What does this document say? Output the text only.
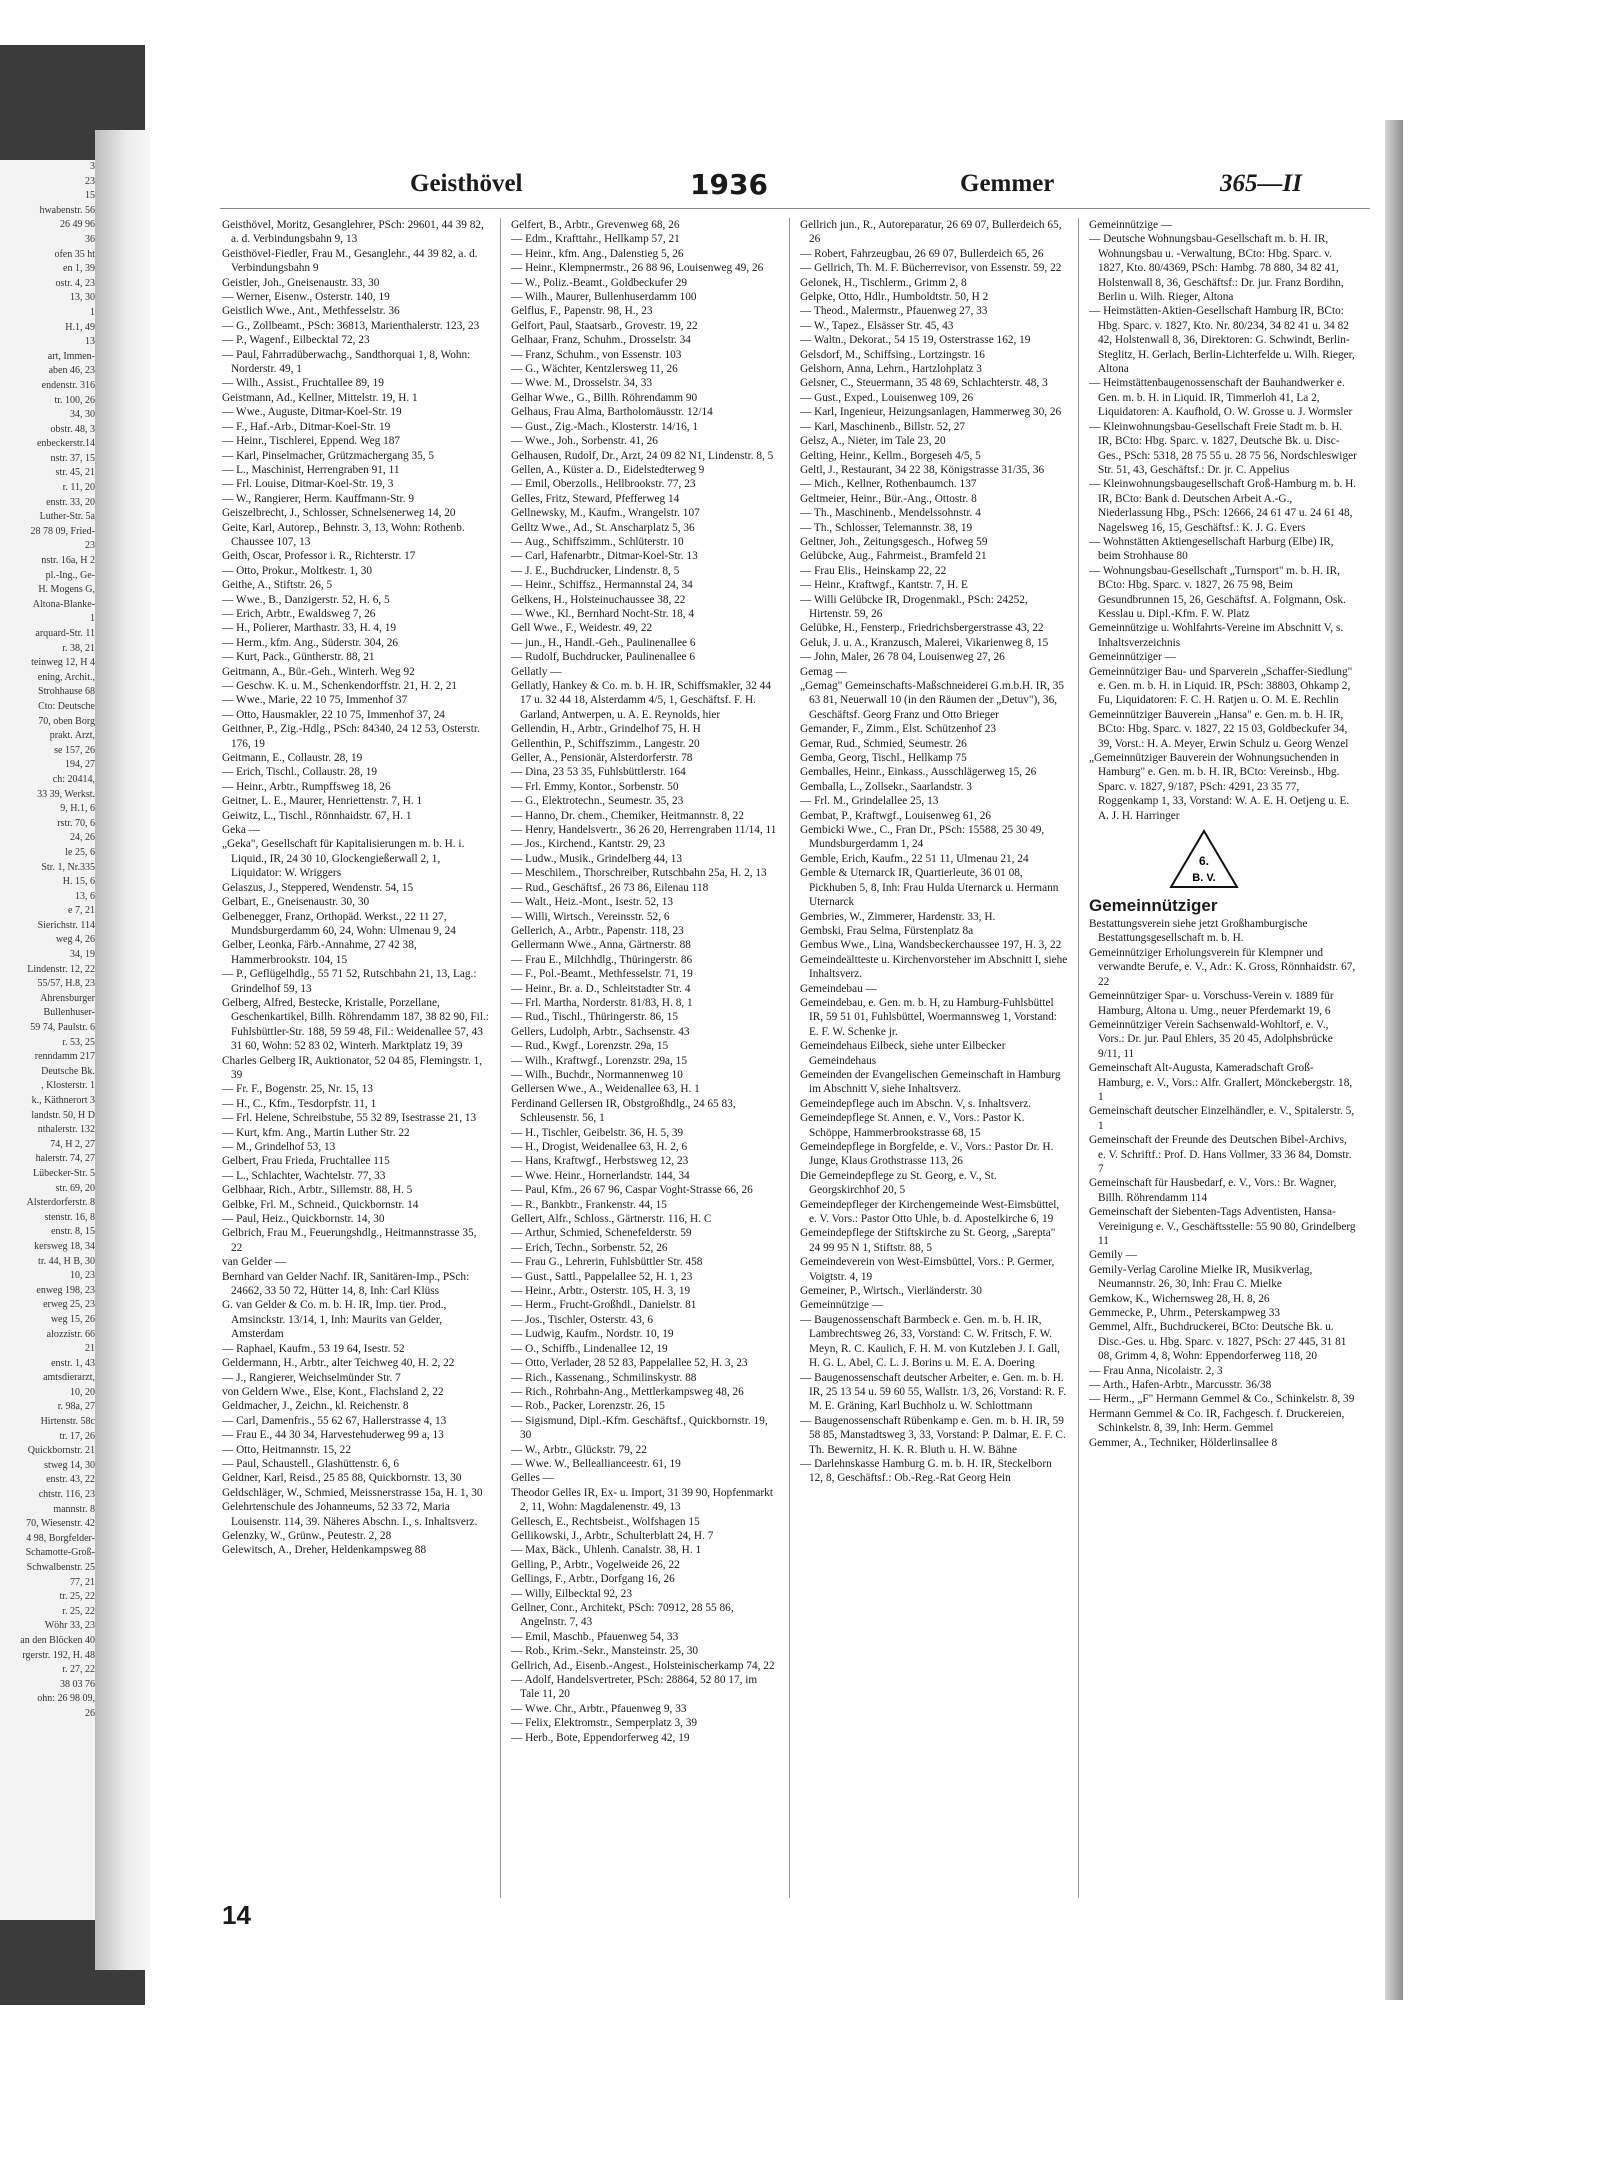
3
23
15
hwabenstr. 56
26 49 96
36
ofen 35 ht
en 1, 39
ostr. 4, 23
13, 30
1
H.1, 49
13
art, Immen-
aben 46, 23
endenstr. 316
tr. 100, 26
34, 30
obstr. 48, 3
enbeckerstr.14
nstr. 37, 15
str. 45, 21
r. 11, 20
enstr. 33, 20
Luther-Str. 5a
28 78 09, Fried-
23
nstr. 16a, H 2
pl.-Ing., Ge-
H. Mogens G,
Altona-Blanke-
1
arquard-Str. 11
r. 38, 21
teinweg 12, H 4
ening, Archit.,
Strohhause 68
Cto: Deutsche
70, oben Borg
prakt. Arzt,
se 157, 26
194, 27
ch: 20414,
33 39, Werkst.
9, H.1, 6
rstr. 70, 6
24, 26
le 25, 6
Str. 1, Nr.335
H. 15, 6
13, 6
e 7, 21
Sierichstr. 114
weg 4, 26
34, 19
Lindenstr. 12, 22
55/57, H.8, 23
Ahrensburger
Bullenhuser-
59 74, Paulstr. 6
r. 53, 25
renndamm 217
Deutsche Bk.
, Klosterstr. 1
k., Käthnerort 3
landstr. 50, H D
nthalerstr. 132
74, H 2, 27
halerstr. 74, 27
Lübecker-Str. 5
str. 69, 20
Alsterdorferstr. 8
stenstr. 16, 8
enstr. 8, 15
kersweg 18, 34
tr. 44, H B, 30
10, 23
enweg 198, 23
erweg 25, 23
weg 15, 26
alozzistr. 66
21
enstr. 1, 43
amtsdierarzt,
10, 20
r. 98a, 27
Hirtenstr. 58c
tr. 17, 26
Quickbornstr. 21
stweg 14, 30
enstr. 43, 22
chtstr. 116, 23
mannstr. 8
70, Wiesenstr. 42
4 98, Borgfelder-
Schamotte-Groß-
Schwalbenstr. 25
77, 21
tr. 25, 22
r. 25, 22
Wöhr 33, 23
an den Blöcken 40
rgerstr. 192, H. 48
r. 27, 22
38 03 76
ohn: 26 98 09,
26
Geisthövel	1936	Gemmer	365—II
Geisthövel, Moritz, Gesanglehrer, PSch: 29601, 44 39 82, a. d. Verbindungsbahn 9, 13
Geisthövel-Fiedler, Frau M., Gesanglehr., 44 39 82, a. d. Verbindungsbahn 9
Geistler, Joh., Gneisenaustr. 33, 30
— Werner, Eisenw., Osterstr. 140, 19
Geistlich Wwe., Ant., Methfesselstr. 36
— G., Zollbeamt., PSch: 36813, Marienthalerstr. 123, 23
— P., Wagenf., Eilbecktal 72, 23
— Paul, Fahrradüberwachg., Sandthorquai 1, 8, Wohn: Norderstr. 49, 1
— Wilh., Assist., Fruchtallee 89, 19
Geistmann, Ad., Kellner, Mittelstr. 19, H. 1
— Wwe., Auguste, Ditmar-Koel-Str. 19
— F., Haf.-Arb., Ditmar-Koel-Str. 19
— Heinr., Tischlerei, Eppend. Weg 187
— Karl, Pinselmacher, Grützmachergang 35, 5
— L., Maschinist, Herrengraben 91, 11
— Frl. Louise, Ditmar-Koel-Str. 19, 3
— W., Rangierer, Herm. Kauffmann-Str. 9
Geiszelbrecht, J., Schlosser, Schnelsenerweg 14, 20
Geite, Karl, Autorep., Behnstr. 3, 13, Wohn: Rothenb. Chaussee 107, 13
Geith, Oscar, Professor i. R., Richterstr. 17
— Otto, Prokur., Moltkestr. 1, 30
Geithe, A., Stiftstr. 26, 5
— Wwe., B., Danzigerstr. 52, H. 6, 5
— Erich, Arbtr., Ewaldsweg 7, 26
— H., Polierer, Marthastr. 33, H. 4, 19
— Herm., kfm. Ang., Süderstr. 304, 26
— Kurt, Pack., Güntherstr. 88, 21
Geitmann, A., Bür.-Geh., Winterh. Weg 92
— Geschw. K. u. M., Schenkendorffstr. 21, H. 2, 21
— Wwe., Marie, 22 10 75, Immenhof 37
— Otto, Hausmakler, 22 10 75, Immenhof 37, 24
Geithner, P., Zig.-Hdlg., PSch: 84340, 24 12 53, Osterstr. 176, 19
Geitmann, E., Collaustr. 28, 19
— Erich, Tischl., Collaustr. 28, 19
— Heinr., Arbtr., Rumpffsweg 18, 26
Geitner, L. E., Maurer, Henriettenstr. 7, H. 1
Geiwitz, L., Tischl., Rönnhaidstr. 67, H. 1
Geka —
„Geka", Gesellschaft für Kapitalisierungen m. b. H. i. Liquid., IR, 24 30 10, Glockengießerwall 2, 1, Liquidator: W. Wriggers
Gelaszus, J., Steppered, Wendenstr. 54, 15
Gelbart, E., Gneisenaustr. 30, 30
Gelbenegger, Franz, Orthopäd. Werkst., 22 11 27, Mundsburgerdamm 60, 24, Wohn: Ulmenau 9, 24
Gelber, Leonka, Färb.-Annahme, 27 42 38, Hammerbrookstr. 104, 15
— P., Geflügelhdlg., 55 71 52, Rutschbahn 21, 13, Lag.: Grindelhof 59, 13
Gelberg, Alfred, Bestecke, Kristalle, Porzellane, Geschenkartikel, Billh. Röhrendamm 187, 38 82 90, Fil.: Fuhlsbüttler-Str. 188, 59 59 48, Fil.: Weidenallee 57, 43 31 60, Wohn: 52 83 02, Winterh. Marktplatz 19, 39
Charles Gelberg IR, Auktionator, 52 04 85, Flemingstr. 1, 39
— Fr. F., Bogenstr. 25, Nr. 15, 13
— H., C., Kfm., Tesdorpfstr. 11, 1
— Frl. Helene, Schreibstube, 55 32 89, Isestrasse 21, 13
— Kurt, kfm. Ang., Martin Luther Str. 22
— M., Grindelhof 53, 13
Gelbert, Frau Frieda, Fruchtallee 115
— L., Schlachter, Wachtelstr. 77, 33
Gelbhaar, Rich., Arbtr., Sillemstr. 88, H. 5
Gelbke, Frl. M., Schneid., Quickbornstr. 14
— Paul, Heiz., Quickbornstr. 14, 30
Gelbrich, Frau M., Feuerungshdlg., Heitmannstrasse 35, 22
van Gelder —
Bernhard van Gelder Nachf. IR, Sanitären-Imp., PSch: 24662, 33 50 72, Hütter 14, 8, Inh: Carl Klüss
G. van Gelder & Co. m. b. H. IR, Imp. tier. Prod., Amsinckstr. 13/14, 1, Inh: Maurits van Gelder, Amsterdam
— Raphael, Kaufm., 53 19 64, Isestr. 52
Geldermann, H., Arbtr., alter Teichweg 40, H. 2, 22
— J., Rangierer, Weichselmünder Str. 7
von Geldern Wwe., Else, Kont., Flachsland 2, 22
Geldmacher, J., Zeichn., kl. Reichenstr. 8
— Carl, Damenfris., 55 62 67, Hallerstrasse 4, 13
— Frau E., 44 30 34, Harvestehuderweg 99 a, 13
— Otto, Heitmannstr. 15, 22
— Paul, Schaustell., Glashüttenstr. 6, 6
Geldner, Karl, Reisd., 25 85 88, Quickbornstr. 13, 30
Geldschläger, W., Schmied, Meissnerstrasse 15a, H. 1, 30
Gelehrtenschule des Johanneums, 52 33 72, Maria Louisenstr. 114, 39. Näheres Abschn. I., s. Inhaltsverz.
Gelenzky, W., Grünw., Peutestr. 2, 28
Gelewitsch, A., Dreher, Heldenkampsweg 88
Gelfert, B., Arbtr., Grevenweg 68, 26
— Edm., Krafttahr., Hellkamp 57, 21
— Heinr., kfm. Ang., Dalenstieg 5, 26
— Heinr., Klempnermstr., 26 88 96, Louisenweg 49, 26
— W., Poliz.-Beamt., Goldbeckufer 29
— Wilh., Maurer, Bullenhuserdamm 100
Gelflus, F., Papenstr. 98, H., 23
Gelfort, Paul, Staatsarb., Grovestr. 19, 22
Gelhaar, Franz, Schuhm., Drosselstr. 34
— Franz, Schuhm., von Essenstr. 103
— G., Wächter, Kentzlersweg 11, 26
— Wwe. M., Drosselstr. 34, 33
Gelhar Wwe., G., Billh. Röhrendamm 90
Gelhaus, Frau Alma, Bartholomäusstr. 12/14
— Gust., Zig.-Mach., Klosterstr. 14/16, 1
— Wwe., Joh., Sorbenstr. 41, 26
Gelhausen, Rudolf, Dr., Arzt, 24 09 82 N1, Lindenstr. 8, 5
Gellen, A., Küster a. D., Eidelstedterweg 9
— Emil, Oberzolls., Hellbrookstr. 77, 23
Gelles, Fritz, Steward, Pfefferweg 14
Gellnewsky, M., Kaufm., Wrangelstr. 107
Gelltz Wwe., Ad., St. Anscharplatz 5, 36
— Aug., Schiffszimm., Schlüterstr. 10
— Carl, Hafenarbtr., Ditmar-Koel-Str. 13
— J. E., Buchdrucker, Lindenstr. 8, 5
— Heinr., Schiffsz., Hermannstal 24, 34
Gelkens, H., Holsteinuchaussee 38, 22
— Wwe., Kl., Bernhard Nocht-Str. 18, 4
Gell Wwe., F., Weidestr. 49, 22
— jun., H., Handl.-Geh., Paulinenallee 6
— Rudolf, Buchdrucker, Paulinenallee 6
Gellatly —
Gellatly, Hankey & Co. m. b. H. IR, Schiffsmakler, 32 44 17 u. 32 44 18, Alsterdamm 4/5, 1, Geschäftsf. F. H. Garland, Antwerpen, u. A. E. Reynolds, hier
Gellendin, H., Arbtr., Grindelhof 75, H. H
Gellenthin, P., Schiffszimm., Langestr. 20
Geller, A., Pensionär, Alsterdorferstr. 78
— Dina, 23 53 35, Fuhlsbüttlerstr. 164
— Frl. Emmy, Kontor., Sorbenstr. 50
— G., Elektrotechn., Seumestr. 35, 23
— Hanno, Dr. chem., Chemiker, Heitmannstr. 8, 22
— Henry, Handelsvertr., 36 26 20, Herrengraben 11/14, 11
— Jos., Kirchend., Kantstr. 29, 23
— Ludw., Musik., Grindelberg 44, 13
— Meschilem., Thorschreiber, Rutschbahn 25a, H. 2, 13
— Rud., Geschäftsf., 26 73 86, Eilenau 118
— Walt., Heiz.-Mont., Isestr. 52, 13
— Willi, Wirtsch., Vereinsstr. 52, 6
Gellerich, A., Arbtr., Papenstr. 118, 23
Gellermann Wwe., Anna, Gärtnerstr. 88
— Frau E., Milchhdlg., Thüringerstr. 86
— F., Pol.-Beamt., Methfesselstr. 71, 19
— Heinr., Br. a. D., Schleitstadter Str. 4
— Frl. Martha, Norderstr. 81/83, H. 8, 1
— Rud., Tischl., Thüringerstr. 86, 15
Gellers, Ludolph, Arbtr., Sachsenstr. 43
— Rud., Kwgf., Lorenzstr. 29a, 15
— Wilh., Kraftwgf., Lorenzstr. 29a, 15
— Wilh., Buchdr., Normannenweg 10
Gellersen Wwe., A., Weidenallee 63, H. 1
Ferdinand Gellersen IR, Obstgroßhdlg., 24 65 83, Schleusenstr. 56, 1
— H., Tischler, Geibelstr. 36, H. 5, 39
— H., Drogist, Weidenallee 63, H. 2, 6
— Hans, Kraftwgf., Herbstsweg 12, 23
— Wwe. Heinr., Hornerlandstr. 144, 34
— Paul, Kfm., 26 67 96, Caspar Voght-Strasse 66, 26
— R., Bankbtr., Frankenstr. 44, 15
Gellert, Alfr., Schloss., Gärtnerstr. 116, H. C
— Arthur, Schmied, Schenefelderstr. 59
— Erich, Techn., Sorbenstr. 52, 26
— Frau G., Lehrerin, Fuhlsbüttler Str. 458
— Gust., Sattl., Pappelallee 52, H. 1, 23
— Heinr., Arbtr., Osterstr. 105, H. 3, 19
— Herm., Frucht-Großhdl., Danielstr. 81
— Jos., Tischler, Osterstr. 43, 6
— Ludwig, Kaufm., Nordstr. 10, 19
— O., Schiffb., Lindenallee 12, 19
— Otto, Verlader, 28 52 83, Pappelallee 52, H. 3, 23
— Rich., Kassenang., Schmilinskystr. 88
— Rich., Rohrbahn-Ang., Mettlerkampsweg 48, 26
— Rob., Packer, Lorenzstr. 26, 15
— Sigismund, Dipl.-Kfm. Geschäftsf., Quickbornstr. 19, 30
— W., Arbtr., Glückstr. 79, 22
— Wwe. W., Belleallianceestr. 61, 19
Gelles —
Theodor Gelles IR, Ex- u. Import, 31 39 90, Hopfenmarkt 2, 11, Wohn: Magdalenenstr. 49, 13
Gellesch, E., Rechtsbeist., Wolfshagen 15
Gellikowski, J., Arbtr., Schulterblatt 24, H. 7
— Max, Bäck., Uhlenh. Canalstr. 38, H. 1
Gelling, P., Arbtr., Vogelweide 26, 22
Gellings, F., Arbtr., Dorfgang 16, 26
— Willy, Eilbecktal 92, 23
Gellner, Conr., Architekt, PSch: 70912, 28 55 86, Angelnstr. 7, 43
— Emil, Maschb., Pfauenweg 54, 33
— Rob., Krim.-Sekr., Mansteinstr. 25, 30
Gellrich, Ad., Eisenb.-Angest., Holsteinischerkamp 74, 22
— Adolf, Handelsvertreter, PSch: 28864, 52 80 17, im Tale 11, 20
— Wwe. Chr., Arbtr., Pfauenweg 9, 33
— Felix, Elektromstr., Semperplatz 3, 39
— Herb., Bote, Eppendorferweg 42, 19
Gellrich jun., R., Autoreparatur, 26 69 07, Bullerdeich 65, 26
— Robert, Fahrzeugbau, 26 69 07, Bullerdeich 65, 26
— Gellrich, Th. M. F. Bücherrevisor, von Essenstr. 59, 22
Gelonek, H., Tischlerm., Grimm 2, 8
Gelpke, Otto, Hdlr., Humboldtstr. 50, H 2
— Theod., Malermstr., Pfauenweg 27, 33
— W., Tapez., Elsässer Str. 45, 43
— Waltn., Dekorat., 54 15 19, Osterstrasse 162, 19
Gelsdorf, M., Schiffsing., Lortzingstr. 16
Gelshorn, Anna, Lehrn., Hartzlohplatz 3
Gelsner, C., Steuermann, 35 48 69, Schlachterstr. 48, 3
— Gust., Exped., Louisenweg 109, 26
— Karl, Ingenieur, Heizungsanlagen, Hammerweg 30, 26
— Karl, Maschinenb., Billstr. 52, 27
Gelsz, A., Nieter, im Tale 23, 20
Gelting, Heinr., Kellm., Borgeseh 4/5, 5
Geltl, J., Restaurant, 34 22 38, Königstrasse 31/35, 36
— Mich., Kellner, Rothenbaumch. 137
Geltmeier, Heinr., Bür.-Ang., Ottostr. 8
— Th., Maschinenb., Mendelssohnstr. 4
— Th., Schlosser, Telemannstr. 38, 19
Geltner, Joh., Zeitungsgesch., Hofweg 59
Gelübcke, Aug., Fahrmeist., Bramfeld 21
— Frau Elis., Heinskamp 22, 22
— Heinr., Kraftwgf., Kantstr. 7, H. E
— Willi Gelübcke IR, Drogenmakl., PSch: 24252, Hirtenstr. 59, 26
Gelübke, H., Fensterp., Friedrichsbergerstrasse 43, 22
Geluk, J. u. A., Kranzusch, Malerei, Vikarienweg 8, 15
— John, Maler, 26 78 04, Louisenweg 27, 26
Gemag —
„Gemag" Gemeinschafts-Maßschneiderei G.m.b.H. IR, 35 63 81, Neuerwall 10 (in den Räumen der „Detuv"), 36, Geschäftsf. Georg Franz und Otto Brieger
Gemander, F., Zimm., Elst. Schützenhof 23
Gemar, Rud., Schmied, Seumestr. 26
Gemba, Georg, Tischl., Hellkamp 75
Gemballes, Heinr., Einkass., Ausschlägerweg 15, 26
Gemballa, L., Zollsekr., Saarlandstr. 3
— Frl. M., Grindelallee 25, 13
Gembat, P., Kraftwgf., Louisenweg 61, 26
Gembicki Wwe., C., Fran Dr., PSch: 15588, 25 30 49, Mundsburgerdamm 1, 24
Gemble, Erich, Kaufm., 22 51 11, Ulmenau 21, 24
Gemble & Uternarck IR, Quartierleute, 36 01 08, Pickhuben 5, 8, Inh: Frau Hulda Uternarck u. Hermann Uternarck
Gembries, W., Zimmerer, Hardenstr. 33, H.
Gembski, Frau Selma, Fürstenplatz 8a
Gembus Wwe., Lina, Wandsbeckerchaussee 197, H. 3, 22
Gemeindeältteste u. Kirchenvorsteher im Abschnitt I, siehe Inhaltsverz.
Gemeindebau —
Gemeindebau, e. Gen. m. b. H, zu Hamburg-Fuhlsbüttel IR, 59 51 01, Fuhlsbüttel, Woermannsweg 1, Vorstand: E. F. W. Schenke jr.
Gemeindehaus Eilbeck, siehe unter Eilbecker Gemeindehaus
Gemeinden der Evangelischen Gemeinschaft in Hamburg im Abschnitt V, siehe Inhaltsverz.
Gemeindepflege auch im Abschn. V, s. Inhaltsverz.
Gemeindepflege St. Annen, e. V., Vors.: Pastor K. Schöppe, Hammerbrookstrasse 68, 15
Gemeindepflege in Borgfelde, e. V., Vors.: Pastor Dr. H. Junge, Klaus Grothstrasse 113, 26
Die Gemeindepflege zu St. Georg, e. V., St. Georgskirchhof 20, 5
Gemeindepfleger der Kirchengemeinde West-Eimsbüttel, e. V. Vors.: Pastor Otto Uhle, b. d. Apostelkirche 6, 19
Gemeindepflege der Stiftskirche zu St. Georg, „Sarepta" 24 99 95 N 1, Stiftstr. 88, 5
Gemeindeverein von West-Eimsbüttel, Vors.: P. Germer, Voigtstr. 4, 19
Gemeiner, P., Wirtsch., Vierländerstr. 30
Gemeinnützige —
— Baugenossenschaft Barmbeck e. Gen. m. b. H. IR, Lambrechtsweg 26, 33, Vorstand: C. W. Fritsch, F. W. Meyn, R. C. Kaulich, F. H. M. von Kutzleben J. I. Gall, H. G. L. Abel, C. L. J. Borins u. M. E. A. Doering
— Baugenossenschaft deutscher Arbeiter, e. Gen. m. b. H. IR, 25 13 54 u. 59 60 55, Wallstr. 1/3, 26, Vorstand: R. F. M. E. Gräning, Karl Buchholz u. W. Schlottmann
— Baugenossenschaft Rübenkamp e. Gen. m. b. H. IR, 59 58 85, Manstadtsweg 3, 33, Vorstand: P. Dalmar, E. F. C. Th. Bewernitz, H. K. R. Bluth u. H. W. Bähne
— Darlehnskasse Hamburg G. m. b. H. IR, Steckelborn 12, 8, Geschäftsf.: Ob.-Reg.-Rat Georg Hein
Gemeinnützige —
— Deutsche Wohnungsbau-Gesellschaft m. b. H. IR, Wohnungsbau u. -Verwaltung, BCto: Hbg. Sparc. v. 1827, Kto. 80/4369, PSch: Hambg. 78 880, 34 82 41, Holstenwall 8, 36, Geschäftsf.: Dr. jur. Franz Bordihn, Berlin u. Wilh. Rieger, Altona
— Heimstätten-Aktien-Gesellschaft Hamburg IR, BCto: Hbg. Sparc. v. 1827, Kto. Nr. 80/234, 34 82 41 u. 34 82 42, Holstenwall 8, 36, Direktoren: G. Schwindt, Berlin-Steglitz, H. Gerlach, Berlin-Lichterfelde u. Wilh. Rieger, Altona
— Heimstättenbaugenossenschaft der Bauhandwerker e. Gen. m. b. H. in Liquid. IR, Timmerloh 41, La 2, Liquidatoren: A. Kaufhold, O. W. Grosse u. J. Wormsler
— Kleinwohnungsbau-Gesellschaft Freie Stadt m. b. H. IR, BCto: Hbg. Sparc. v. 1827, Deutsche Bk. u. Disc-Ges., PSch: 5318, 28 75 55 u. 28 75 56, Nordschleswiger Str. 51, 43, Geschäftsf.: Dr. jr. C. Appelius
— Kleinwohnungsbaugesellschaft Groß-Hamburg m. b. H. IR, BCto: Bank d. Deutschen Arbeit A.-G., Niederlassung Hbg., PSch: 12666, 24 61 47 u. 24 61 48, Nagelsweg 16, 15, Geschäftsf.: K. J. G. Evers
— Wohnstätten Aktiengesellschaft Harburg (Elbe) IR, beim Strohhause 80
— Wohnungsbau-Gesellschaft „Turnsport" m. b. H. IR, BCto: Hbg. Sparc. v. 1827, 26 75 98, Beim Gesundbrunnen 15, 26, Geschäftsf. A. Folgmann, Osk. Kesslau u. Dipl.-Kfm. F. W. Platz
Gemeinnützige u. Wohlfahrts-Vereine im Abschnitt V, s. Inhaltsverzeichnis
Gemeinnütziger —
Gemeinnütziger Bau- und Sparverein „Schaffer-Siedlung" e. Gen. m. b. H. in Liquid. IR, PSch: 38803, Ohkamp 2, Fu, Liquidatoren: F. C. H. Ratjen u. O. M. E. Rechlin
Gemeinnütziger Bauverein „Hansa" e. Gen. m. b. H. IR, BCto: Hbg. Sparc. v. 1827, 22 15 03, Goldbeckufer 34, 39, Vorst.: H. A. Meyer, Erwin Schulz u. Georg Wenzel
„Gemeinnütziger Bauverein der Wohnungsuchenden in Hamburg" e. Gen. m. b. H. IR, BCto: Vereinsb., Hbg. Sparc. v. 1827, 9/187, PSch: 4291, 23 35 77, Roggenkamp 1, 33, Vorstand: W. A. E. H. Oetjeng u. E. A. J. H. Harringer
6.
B. V.
Gemeinnütziger
Bestattungsverein siehe jetzt Großhamburgische Bestattungsgesellschaft m. b. H.
Gemeinnütziger Erholungsverein für Klempner und verwandte Berufe, e. V., Adr.: K. Gross, Rönnhaidstr. 67, 22
Gemeinnütziger Spar- u. Vorschuss-Verein v. 1889 für Hamburg, Altona u. Umg., neuer Pferdemarkt 19, 6
Gemeinnütziger Verein Sachsenwald-Wohltorf, e. V., Vors.: Dr. jur. Paul Ehlers, 35 20 45, Adolphsbrücke 9/11, 11
Gemeinschaft Alt-Augusta, Kameradschaft Groß-Hamburg, e. V., Vors.: Alfr. Grallert, Mönckebergstr. 18, 1
Gemeinschaft deutscher Einzelhändler, e. V., Spitalerstr. 5, 1
Gemeinschaft der Freunde des Deutschen Bibel-Archivs, e. V. Schriftf.: Prof. D. Hans Vollmer, 33 36 84, Domstr. 7
Gemeinschaft für Hausbedarf, e. V., Vors.: Br. Wagner, Billh. Röhrendamm 114
Gemeinschaft der Siebenten-Tags Adventisten, Hansa-Vereinigung e. V., Geschäftsstelle: 55 90 80, Grindelberg 11
Gemily —
Gemily-Verlag Caroline Mielke IR, Musikverlag, Neumannstr. 26, 30, Inh: Frau C. Mielke
Gemkow, K., Wichernsweg 28, H. 8, 26
Gemmecke, P., Uhrm., Peterskampweg 33
Gemmel, Alfr., Buchdruckerei, BCto: Deutsche Bk. u. Disc.-Ges. u. Hbg. Sparc. v. 1827, PSch: 27 445, 31 81 08, Grimm 4, 8, Wohn: Eppendorferweg 118, 20
— Frau Anna, Nicolaistr. 2, 3
— Arth., Hafen-Arbtr., Marcusstr. 36/38
— Herm., „F" Hermann Gemmel & Co., Schinkelstr. 8, 39
Hermann Gemmel & Co. IR, Fachgesch. f. Druckereien, Schinkelstr. 8, 39, Inh: Herm. Gemmel
Gemmer, A., Techniker, Hölderlinsallee 8
14
